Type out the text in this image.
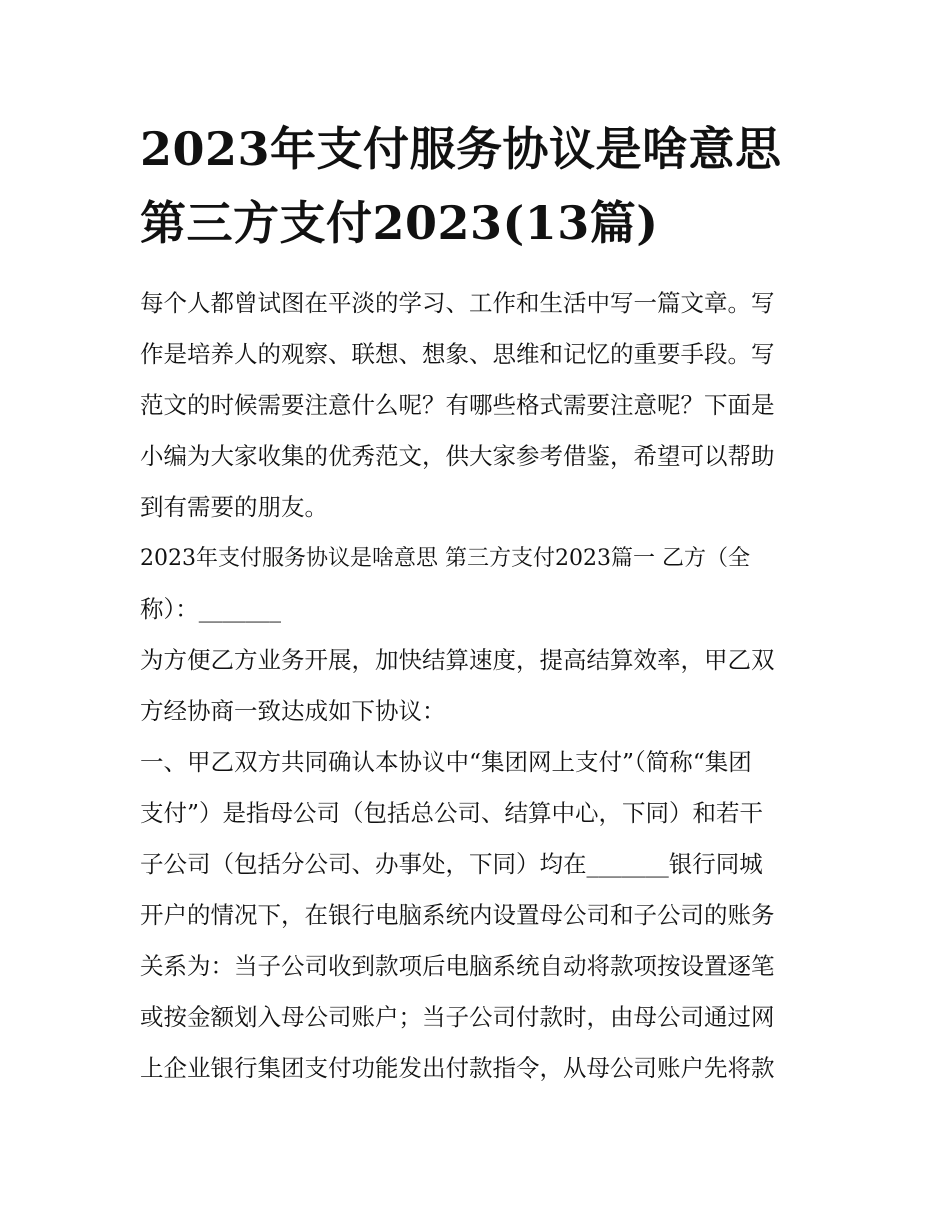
2023年支付服务协议是啥意思
第三方支付2023(13篇)
每个人都曾试图在平淡的学习、工作和生活中写一篇文章。写
作是培养人的观察、联想、想象、思维和记忆的重要手段。写
范文的时候需要注意什么呢？有哪些格式需要注意呢？下面是
小编为大家收集的优秀范文，供大家参考借鉴，希望可以帮助
到有需要的朋友。
2023年支付服务协议是啥意思 第三方支付2023篇一 乙方（全
称）：_______
为方便乙方业务开展，加快结算速度，提高结算效率，甲乙双
方经协商一致达成如下协议：
一、甲乙双方共同确认本协议中“集团网上支付”（简称“集团
支付”）是指母公司（包括总公司、结算中心，下同）和若干
子公司（包括分公司、办事处，下同）均在_______银行同城
开户的情况下，在银行电脑系统内设置母公司和子公司的账务
关系为：当子公司收到款项后电脑系统自动将款项按设置逐笔
或按金额划入母公司账户；当子公司付款时，由母公司通过网
上企业银行集团支付功能发出付款指令，从母公司账户先将款
